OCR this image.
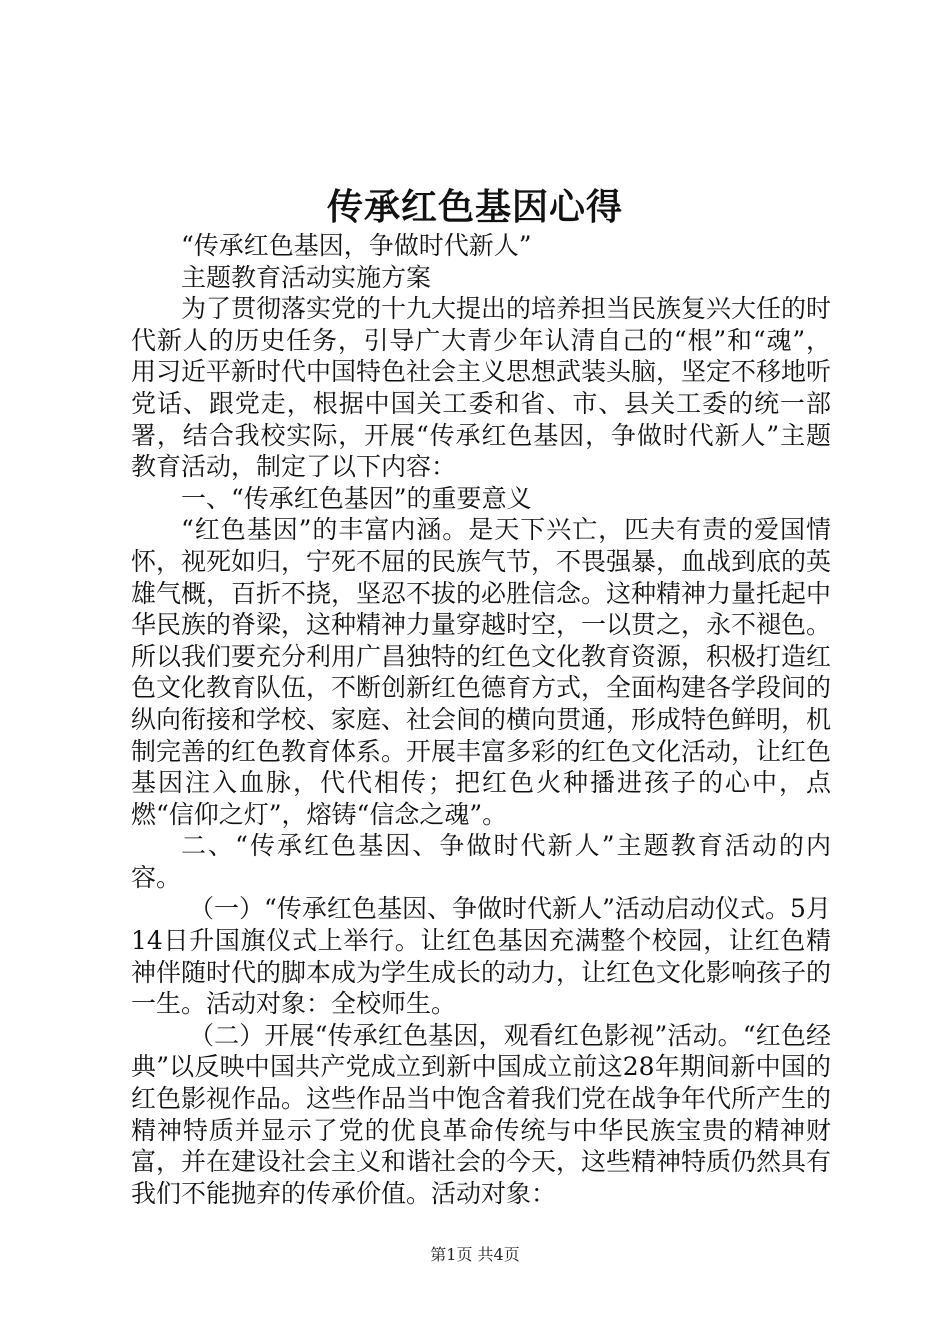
传承红色基因心得

“传承红色基因，争做时代新人”

主题教育活动实施方案

为了贯彻落实党的十九大提出的培养担当民族复兴大任的时代新人的历史任务，引导广大青少年认清自己的“根”和“魂”，用习近平新时代中国特色社会主义思想武装头脑，坚定不移地听党话、跟党走，根据中国关工委和省、市、县关工委的统一部署，结合我校实际，开展“传承红色基因，争做时代新人”主题教育活动，制定了以下内容：

一、“传承红色基因”的重要意义

“红色基因”的丰富内涵。是天下兴亡，匹夫有责的爱国情怀，视死如归，宁死不屈的民族气节，不畏强暴，血战到底的英雄气概，百折不挠，坚忍不拔的必胜信念。这种精神力量托起中华民族的脊梁，这种精神力量穿越时空，一以贯之，永不褪色。所以我们要充分利用广昌独特的红色文化教育资源，积极打造红色文化教育队伍，不断创新红色德育方式，全面构建各学段间的纵向衔接和学校、家庭、社会间的横向贯通，形成特色鲜明，机制完善的红色教育体系。开展丰富多彩的红色文化活动，让红色基因注入血脉，代代相传；把红色火种播进孩子的心中，点燃“信仰之灯”，熔铸“信念之魂”。

二、“传承红色基因、争做时代新人”主题教育活动的内容。

（一）“传承红色基因、争做时代新人”活动启动仪式。5月14日升国旗仪式上举行。让红色基因充满整个校园，让红色精神伴随时代的脚本成为学生成长的动力，让红色文化影响孩子的一生。活动对象：全校师生。

（二）开展“传承红色基因，观看红色影视”活动。“红色经典”以反映中国共产党成立到新中国成立前这28年期间新中国的红色影视作品。这些作品当中饱含着我们党在战争年代所产生的精神特质并显示了党的优良革命传统与中华民族宝贵的精神财富，并在建设社会主义和谐社会的今天，这些精神特质仍然具有我们不能抛弃的传承价值。活动对象：

第1页 共4页
